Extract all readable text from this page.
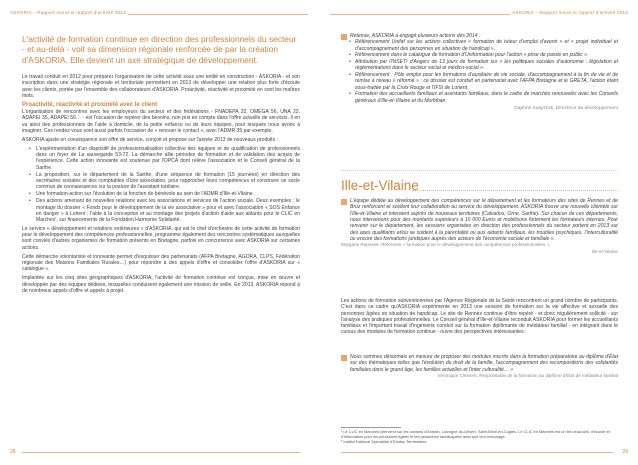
ASKORIA – Rapport moral et rapport d'activité 2013	ASKORIA – Rapport moral et rapport d'activité 2013
L'activité de formation continue en direction des professionnels du secteur - et au-delà - voit sa dimension régionale renforcée de par la création d'ASKORIA. Elle devient un axe stratégique de développement.

Le travail conduit en 2012 pour préparer l'organisation de cette activité sous une entité en construction - ASKORIA - et son inscription dans une stratégie régionale et territoriale permettent en 2013 de développer une relation plus forte d'écoute avec les clients, portée par l'ensemble des collaborateurs d'ASKORIA. Proactivité, réactivité et proximité en sont les maîtres mots.

Proactivité, réactivité et proximité avec le client

L'organisation de rencontres avec les employeurs du secteur et des fédérations - FNADEPA 22, OMEGA 56, UNA 22, ADAPEI 35, ADAPEI 56… - est l'occasion de repérer des besoins, non pris en compte dans l'offre actuelle de services. Il en va ainsi des professionnels de l'aide à domicile, de la petite enfance ou de leurs équipes, pour lesquels nous avons à imaginer. Ces rendez-vous sont aussi parfois l'occasion de « renouer le contact », avec l'ADMR 35 par exemple.

ASKORIA ajuste en conséquence son offre de service, conçoit et propose sur l'année 2013 de nouveaux produits :

• L'expérimentation d'un dispositif de professionnalisation collective des équipes et de qualification de professionnels dans un foyer de La sauvegarde 53-72. La démarche allie périodes de formation et de validation des acquis de l'expérience. Cette action innovante est soutenue par l'OPCA dont relève l'association et le Conseil général de la Sarthe.
• La proposition, sur le département de la Sarthe, d'une séquence de formation (15 journées) en direction des secrétaires sociales et des comptables d'une association, pour rapprocher leurs compétences et construire un socle commun de connaissances sur la posture de l'assistant tutélaire.
• Une formation-action sur l'évolution de la fonction de bénévole au sein de l'ADMR d'Ille-et-Vilaine.
• Des actions amenant de nouvelles relations avec les associations et services de l'action sociale. Deux exemples : le montage du dossier « Fonds pour le développement de la vie associative » pour et avec l'association « SOS Enfance en danger » à Lorient ; l'aide à la conception et au montage des projets d'action d'aide aux aidants pour le CLIC en Marches', sur financements de la Fondation Harmonie Solidarité.

Le service « développement et relations extérieures » d'ASKORIA, qui est le chef d'orchestre de cette activité de formation pour le développement des compétences professionnelles, programme également des rencontres systématiques auxquelles sont conviés d'autres organismes de formation présents en Bretagne, parfois en concurrence avec ASKORIA sur certaines actions.

Cette démarche volontariste et innovante permet d'esquisser des partenariats (AFPA Bretagne, AGORA, CLPS, Fédération régionale des Maisons Familiales Rurales…) pour répondre à des appels d'offre et consolider l'offre d'ASKORIA sur « catalogue ».

Implantée sur les cinq sites géographiques d'ASKORIA, l'activité de formation continue est conçue, mise en œuvre et développée par des équipes dédiées, lesquelles conduisent également une mission de veille. En 2013, ASKORIA répond à de nombreux appels d'offre et appels à projet.

28
Retenue, ASKORIA a engagé plusieurs actions dès 2014 :
• Référencement Unifaf sur les actions collectives « formation de tuteur d'emploi d'avenir » et « projet individuel et d'accompagnement des personnes en situation de handicap ».
• Référencement dans le catalogue de formation d'Uniformation pour l'action « prise de parole en public ».
• Attribution par l'INSET² d'Angers de 13 jours de formation sur « les politiques sociales d'autonomie : législation et réglementations dans le secteur social et médico-social ».
• Référencement : Pôle emploi pour les formations d'auxiliaire de vie sociale, d'accompagnement à la fin de vie et de remise à niveau « réformé » ; ce dossier est conduit en partenariat avec l'AFPA Bretagne et le GRETA, l'action étant sous-traitée par la Croix Rouge et l'IFSI de Lorient.
• Formation des accueillants familiaux et assistants familiaux, dans le cadre de marchés renouvelés avec les Conseils généraux d'Ille-et-Vilaine et du Morbihan.
Daphné Kasprzak, Directrice du développement
Ille-et-Vilaine
L'équipe dédiée au développement des compétences sur le département et les formateurs des sites de Rennes et de Bruz renforcent et scellent leur collaboration au service du développement. ASKORIA trouve une nouvelle clientèle sur l'Ille-et-Vilaine et intervient auprès de nouveaux territoires (Calvados, Orne, Sarthe). Sur chacun de ces départements, nous intervenons pour des montants supérieurs à 10 000 Euros et mobilisons fortement les formateurs internes. Pour renvenir sur le département, les sessions organisées en direction des professionnels du secteur portent en 2013 sur des axes qualifiants et/ou se soldent à la parentalité ou aux aidants familiaux, les troubles psychiques, l'interculturalité ou encore des formations juridiques auprès des acteurs de l'économie sociale et familiale ».
Morgane Repessé, Référente « formation pour le développement des compétences professionnelles »,
Ille-et-Vilaine
Les actions de formation subventionnées par l'Agence Régionale de la Santé rencontrent un grand nombre de participants. C'est dans ce cadre qu'ASKORIA expérimente en 2013 une session de formation sur la vie affective et sexuelle des personnes âgées en situation de handicap. Le site de Rennes continue d'être repéré - et donc régulièrement sollicité - sur l'analyse des pratiques professionnelles. Le Conseil général d'Ille-et-Vilaine reconduit ASKORIA pour former les accueillants familiaux et l'important travail d'ingénierie conduit sur la formation diplômante de médiateur familial - en intégrant dans le cursus des modules de formation continue - ouvre des perspectives intéressantes :
Nous sommes désormais en mesure de proposer des modules inscrits dans la formation préparatoire au diplôme d'État sur des thématiques telles que l'évolution du droit de la famille, l'accompagnement des recompositions des solidarités familiales dans le grand âge, les familles actuelles et l'inter culturalité… »
Véronique Clément, Responsable de la formation au diplôme d'État de médiateur familial

¹ Le CLIC en Marches intervient sur les cantons d'Antrain, Louvigné-du-Désert, Saint-Brice-en-Coglès. Le CLIC en Marches est un lieu d'accueil, d'écoute et d'information pour les personnes âgées et les personnes handicapées ainsi que leur entourage.

² Institut National Spécialisé d'Études Territoriales.

29
